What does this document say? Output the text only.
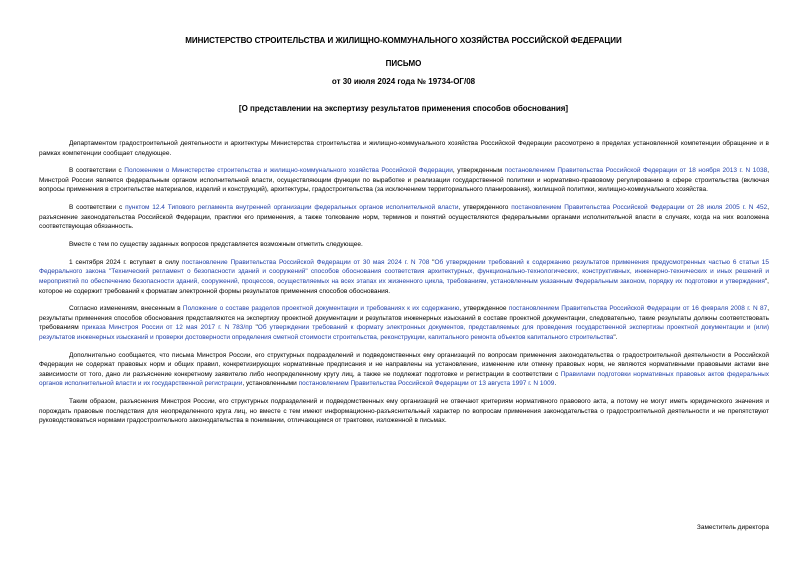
МИНИСТЕРСТВО СТРОИТЕЛЬСТВА И ЖИЛИЩНО-КОММУНАЛЬНОГО ХОЗЯЙСТВА РОССИЙСКОЙ ФЕДЕРАЦИИ
ПИСЬМО
от 30 июля 2024 года № 19734-ОГ/08
[О представлении на экспертизу результатов применения способов обоснования]

Департаментом градостроительной деятельности и архитектуры Министерства строительства и жилищно-коммунального хозяйства Российской Федерации рассмотрено в пределах установленной компетенции обращение и в рамках компетенции сообщает следующее.

В соответствии с Положением о Министерстве строительства и жилищно-коммунального хозяйства Российской Федерации, утвержденным постановлением Правительства Российской Федерации от 18 ноября 2013 г. N 1038, Минстрой России является федеральным органом исполнительной власти, осуществляющим функции по выработке и реализации государственной политики и нормативно-правовому регулированию в сфере строительства (включая вопросы применения в строительстве материалов, изделий и конструкций), архитектуры, градостроительства (за исключением территориального планирования), жилищной политики, жилищно-коммунального хозяйства.

В соответствии с пунктом 12.4 Типового регламента внутренней организации федеральных органов исполнительной власти, утвержденного постановлением Правительства Российской Федерации от 28 июля 2005 г. N 452, разъяснение законодательства Российской Федерации, практики его применения, а также толкование норм, терминов и понятий осуществляются федеральными органами исполнительной власти в случаях, когда на них возложена соответствующая обязанность.

Вместе с тем по существу заданных вопросов представляется возможным отметить следующее.

1 сентября 2024 г. вступает в силу постановление Правительства Российской Федерации от 30 мая 2024 г. N 708 "Об утверждении требований к содержанию результатов применения предусмотренных частью 6 статьи 15 Федерального закона "Технический регламент о безопасности зданий и сооружений" способов обоснования соответствия архитектурных, функционально-технологических, конструктивных, инженерно-технических и иных решений и мероприятий по обеспечению безопасности зданий, сооружений, процессов, осуществляемых на всех этапах их жизненного цикла, требованиям, установленным указанным Федеральным законом, порядку их подготовки и утверждения", которое не содержит требований к форматам электронной формы результатов применения способов обоснования.

Согласно изменениям, внесенным в Положение о составе разделов проектной документации и требованиях к их содержанию, утвержденное постановлением Правительства Российской Федерации от 16 февраля 2008 г. N 87, результаты применения способов обоснования представляются на экспертизу проектной документации и результатов инженерных изысканий в составе проектной документации, следовательно, такие результаты должны соответствовать требованиям приказа Минстроя России от 12 мая 2017 г. N 783/пр "Об утверждении требований к формату электронных документов, представляемых для проведения государственной экспертизы проектной документации и (или) результатов инженерных изысканий и проверки достоверности определения сметной стоимости строительства, реконструкции, капитального ремонта объектов капитального строительства".

Дополнительно сообщается, что письма Минстроя России, его структурных подразделений и подведомственных ему организаций по вопросам применения законодательства о градостроительной деятельности в Российской Федерации не содержат правовых норм и общих правил, конкретизирующих нормативные предписания и не направлены на установление, изменение или отмену правовых норм, не являются нормативными правовыми актами вне зависимости от того, дано ли разъяснение конкретному заявителю либо неопределенному кругу лиц, а также не подлежат подготовке и регистрации в соответствии с Правилами подготовки нормативных правовых актов федеральных органов исполнительной власти и их государственной регистрации, установленными постановлением Правительства Российской Федерации от 13 августа 1997 г. N 1009.

Таким образом, разъяснения Минстроя России, его структурных подразделений и подведомственных ему организаций не отвечают критериям нормативного правового акта, а потому не могут иметь юридического значения и порождать правовые последствия для неопределенного круга лиц, но вместе с тем имеют информационно-разъяснительный характер по вопросам применения законодательства о градостроительной деятельности и не препятствуют руководствоваться нормами градостроительного законодательства в понимании, отличающемся от трактовки, изложенной в письмах.

Заместитель директора
